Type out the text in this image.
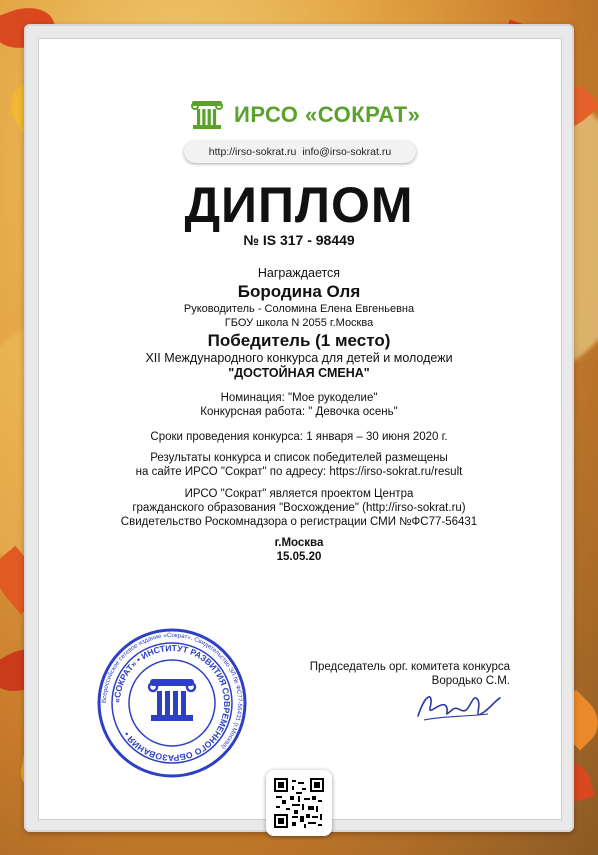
ИРСО «СОКРАТ»
http://irso-sokrat.ru info@irso-sokrat.ru
ДИПЛОМ
№ IS 317 - 98449
Награждается
Бородина Оля
Руководитель - Соломина Елена Евгеньевна
ГБОУ школа N 2055 г.Москва
Победитель (1 место)
XII Международного конкурса для детей и молодежи
"ДОСТОЙНАЯ СМЕНА"
Номинация: "Мое рукоделие"
Конкурсная работа: " Девочка осень"
Сроки проведения конкурса: 1 января – 30 июня 2020 г.
Результаты конкурса и список победителей размещены
на сайте ИРСО "Сократ" по адресу: https://irso-sokrat.ru/result
ИРСО "Сократ" является проектом Центра
гражданского образования "Восхождение" (http://irso-sokrat.ru)
Свидетельство Роскомнадзора о регистрации СМИ №ФС77-56431
г.Москва
15.05.20
Председатель орг. комитета конкурса
Вородько С.М.
Всероссийское сетевое издание «Сократ». Свидетельство ЭЛ № ФС77-56431 (г.Москва)
«СОКРАТ» • ИНСТИТУТ РАЗВИТИЯ СОВРЕМЕННОГО ОБРАЗОВАНИЯ •
